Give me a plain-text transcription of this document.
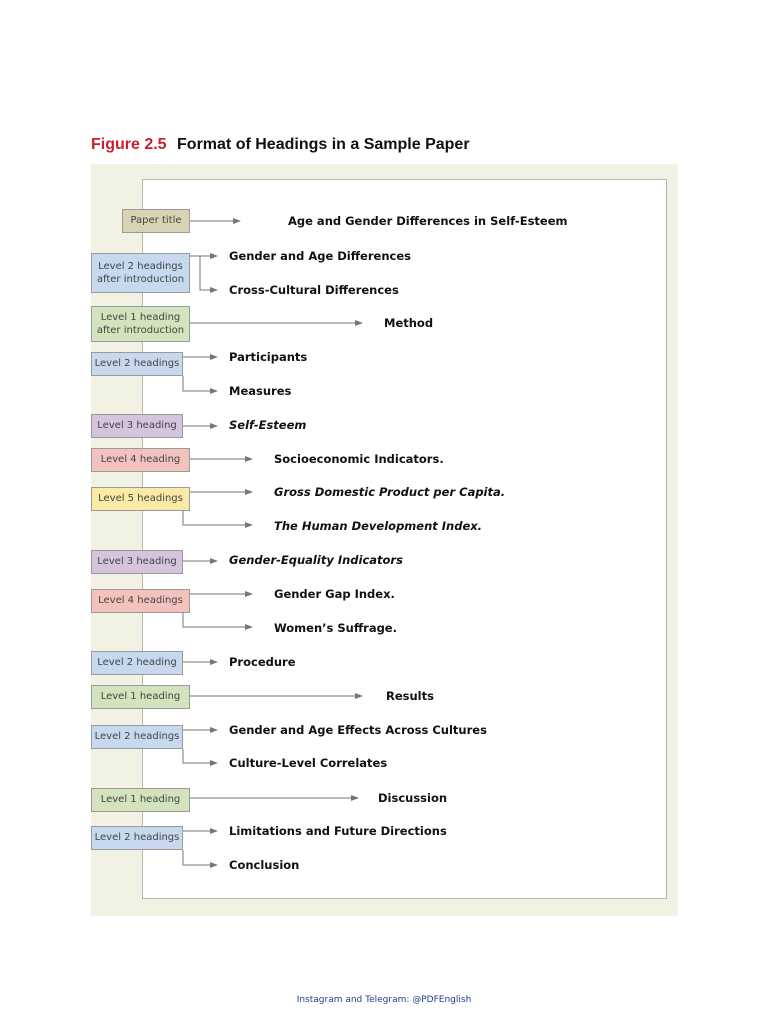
Figure 2.5 Format of Headings in a Sample Paper
Paper title
Level 2 headings
after introduction
Level 1 heading
after introduction
Level 2 headings
Level 3 heading
Level 4 heading
Level 5 headings
Level 3 heading
Level 4 headings
Level 2 heading
Level 1 heading
Level 2 headings
Level 1 heading
Level 2 headings
Age and Gender Differences in Self-Esteem
Gender and Age Differences
Cross-Cultural Differences
Method
Participants
Measures
Self-Esteem
Socioeconomic Indicators.
Gross Domestic Product per Capita.
The Human Development Index.
Gender-Equality Indicators
Gender Gap Index.
Women’s Suffrage.
Procedure
Results
Gender and Age Effects Across Cultures
Culture-Level Correlates
Discussion
Limitations and Future Directions
Conclusion
Instagram and Telegram: @PDFEnglish
